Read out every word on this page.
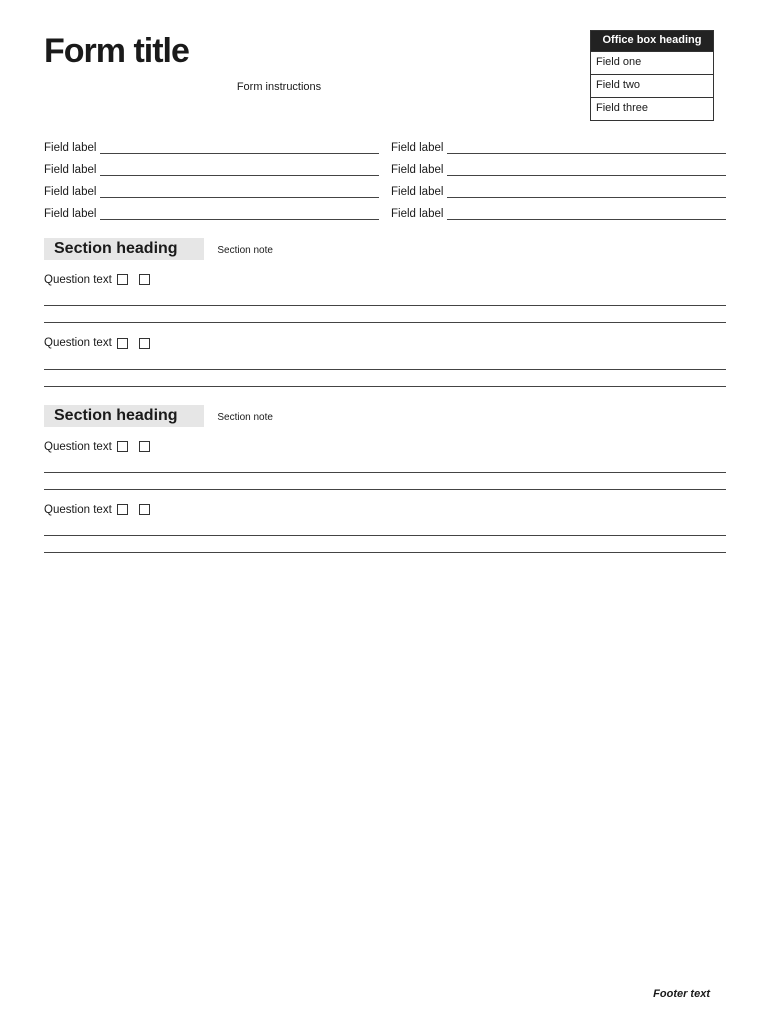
Office box heading
Field one
Field two
Field three
Form title
Form instructions
Field label	Field label
Field label	Field label
Field label	Field label
Field label	Field label
Section heading	Section note
Question text
Question text
Section heading	Section note
Question text
Question text
Footer text
